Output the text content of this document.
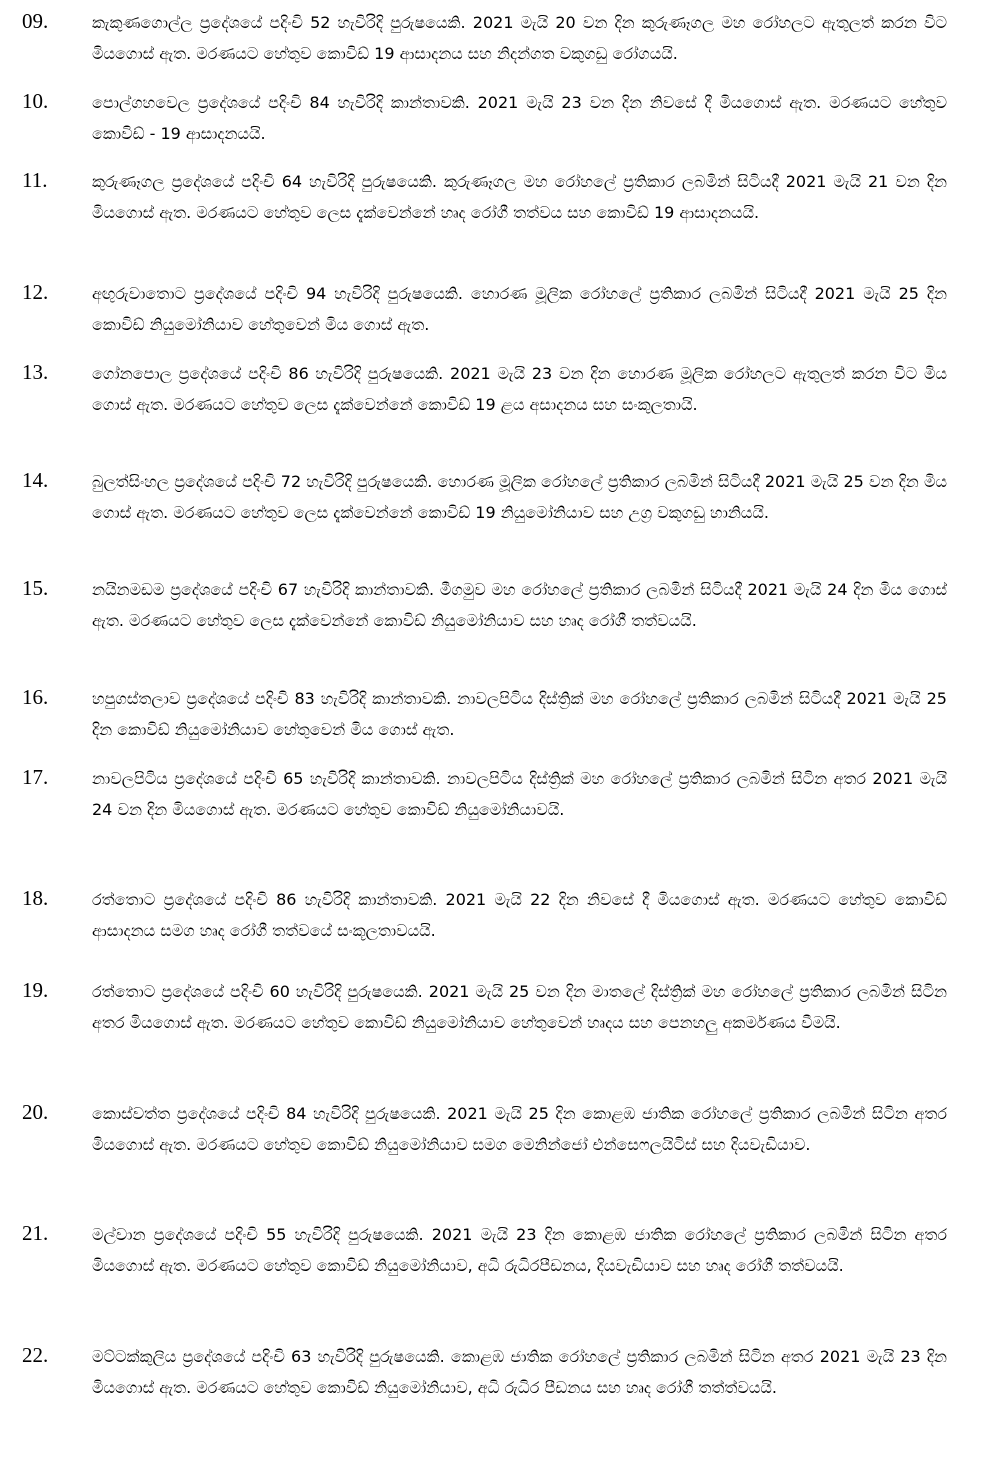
09.	කැකුණගොල්ල ප්‍රදේශයේ පදිංචි 52 හැවිරිදි පුරුෂයෙකි. 2021 මැයි 20 වන දින කුරුණෑගල මහ රෝහලට ඇතුලත් කරන විට මියගොස් ඇත. මරණයට හේතුව කොවිඩ් 19 ආසාදනය සහ නිදන්ගත වකුගඩු රෝගයයි.
10.	පොල්ගහවෙල ප්‍රදේශයේ පදිංචි 84 හැවිරිදි කාන්තාවකි. 2021 මැයි 23 වන දින නිවසේ දී මියගොස් ඇත. මරණයට හේතුව කොවිඩ් - 19 ආසාදනයයි.
11.	කුරුණෑගල ප්‍රදේශයේ පදිංචි 64 හැවිරිදි පුරුෂයෙකි. කුරුණෑගල මහ රෝහලේ ප්‍රතිකාර ලබමින් සිටියදී 2021 මැයි 21 වන දින මියගොස් ඇත. මරණයට හේතුව ලෙස දැක්වෙන්නේ හෘද රෝගී තත්වය සහ කොවිඩ් 19 ආසාදනයයි.
12.	අඟුරුවාතොට ප්‍රදේශයේ පදිංචි 94 හැවිරිදි පුරුෂයෙකි. හොරණ මූලික රෝහලේ ප්‍රතිකාර ලබමින් සිටියදී 2021 මැයි 25 දින කොවිඩ් නියුමෝනියාව හේතුවෙන් මිය ගොස් ඇත.
13.	ගෝනපොල ප්‍රදේශයේ පදිංචි 86 හැවිරිදි පුරුෂයෙකි. 2021 මැයි 23 වන දින හොරණ මූලික රෝහලට ඇතුලත් කරන විට මිය ගොස් ඇත. මරණයට හේතුව ලෙස දැක්වෙන්නේ කොවිඩ් 19 ළය අසාදනය සහ සංකුලතායි.
14.	බුලත්සිංහල ප්‍රදේශයේ පදිංචි 72 හැවිරිදි පුරුෂයෙකි. හොරණ මූලික රෝහලේ ප්‍රතිකාර ලබමින් සිටියදී 2021 මැයි 25 වන දින මිය ගොස් ඇත. මරණයට හේතුව ලෙස දැක්වෙන්නේ කොවිඩ් 19 නියුමෝනියාව සහ උග්‍ර වකුගඩු හානියයි.
15.	නයිනමඩම ප්‍රදේශයේ පදිංචි 67 හැවිරිදි කාන්තාවකි. මීගමුව මහ රෝහලේ ප්‍රතිකාර ලබමින් සිටියදී 2021 මැයි 24 දින මිය ගොස් ඇත. මරණයට හේතුව ලෙස දැක්වෙන්නේ කොවිඩ් නියුමෝනියාව සහ හෘද රෝගී තත්වයයි.
16.	හපුගස්තලාව ප්‍රදේශයේ පදිංචි 83 හැවිරිදි කාන්තාවකි. නාවලපිටිය දිස්ත්‍රික් මහ රෝහලේ ප්‍රතිකාර ලබමින් සිටියදී 2021 මැයි 25 දින කොවිඩ් නියුමෝනියාව හේතුවෙන් මිය ගොස් ඇත.
17.	නාවලපිටිය ප්‍රදේශයේ පදිංචි 65 හැවිරිදි කාන්තාවකි. නාවලපිටිය දිස්ත්‍රික් මහ රෝහලේ ප්‍රතිකාර ලබමින් සිටින අතර 2021 මැයි 24 වන දින මියගොස් ඇත. මරණයට හේතුව කොවිඩ් නියුමෝනියාවයි.
18.	රත්තොට ප්‍රදේශයේ පදිංචි 86 හැවිරිදි කාන්තාවකි. 2021 මැයි 22 දින නිවසේ දී මියගොස් ඇත. මරණයට හේතුව කොවිඩ් ආසාදනය සමග හෘද රෝගී තත්වයේ සංකූලතාවයයි.
19.	රත්තොට ප්‍රදේශයේ පදිංචි 60 හැවිරිදි පුරුෂයෙකි. 2021 මැයි 25 වන දින මාතලේ දිස්ත්‍රික් මහ රෝහලේ ප්‍රතිකාර ලබමින් සිටින අතර මියගොස් ඇත. මරණයට හේතුව කොවිඩ් නියුමෝනියාව හේතුවෙන් හෘදය සහ පෙනහලු අකර්මණය වීමයි.
20.	කොස්වත්ත ප්‍රදේශයේ පදිංචි 84 හැවිරිදි පුරුෂයෙකි. 2021 මැයි 25 දින කොළඹ ජාතික රෝහලේ ප්‍රතිකාර ලබමින් සිටින අතර මියගොස් ඇත. මරණයට හේතුව කොවිඩ් නියුමෝනියාව සමග මෙනින්ජෝ එන්සෙෆලයිටිස් සහ දියවැඩියාව.
21.	මල්වාන ප්‍රදේශයේ පදිංචි 55 හැවිරිදි පුරුෂයෙකි. 2021 මැයි 23 දින කොළඹ ජාතික රෝහලේ ප්‍රතිකාර ලබමින් සිටින අතර මියගොස් ඇත. මරණයට හේතුව කොවිඩ් නියුමෝනියාව, අධි රුධිරපීඩනය, දියවැඩියාව සහ හෘද රෝගී තත්වයයි.
22.	මට්ටක්කුලිය ප්‍රදේශයේ පදිංචි 63 හැවිරිදි පුරුෂයෙකි. කොළඹ ජාතික රෝහලේ ප්‍රතිකාර ලබමින් සිටින අතර 2021 මැයි 23 දින මියගොස් ඇත. මරණයට හේතුව කොවිඩ් නියුමෝනියාව, අධි රුධිර පීඩනය සහ හෘද රෝගී තත්ත්වයයි.
